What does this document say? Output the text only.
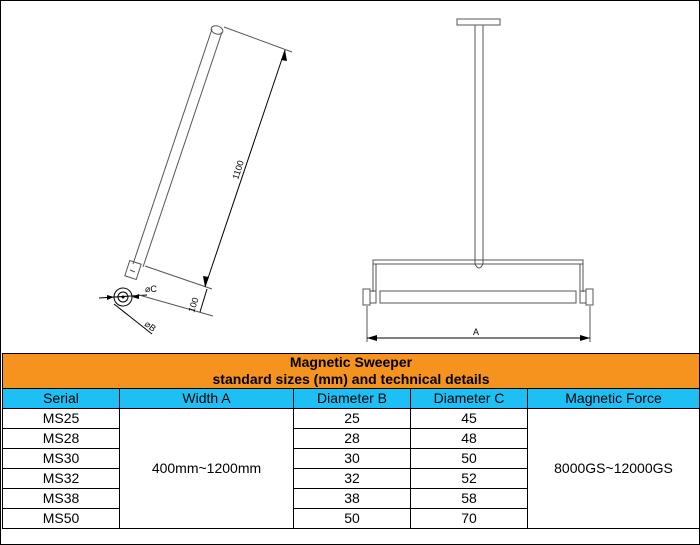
1100
100
⌀C
⌀B	A
Magnetic Sweeper
standard sizes (mm) and technical details				

Serial	Width A	Diameter B	Diameter C	Magnetic Force
MS25	400mm~1200mm	25	45	8000GS~12000GS
MS28		28	48	
MS30		30	50	
MS32		32	52	
MS38		38	58	
MS50		50	70	
